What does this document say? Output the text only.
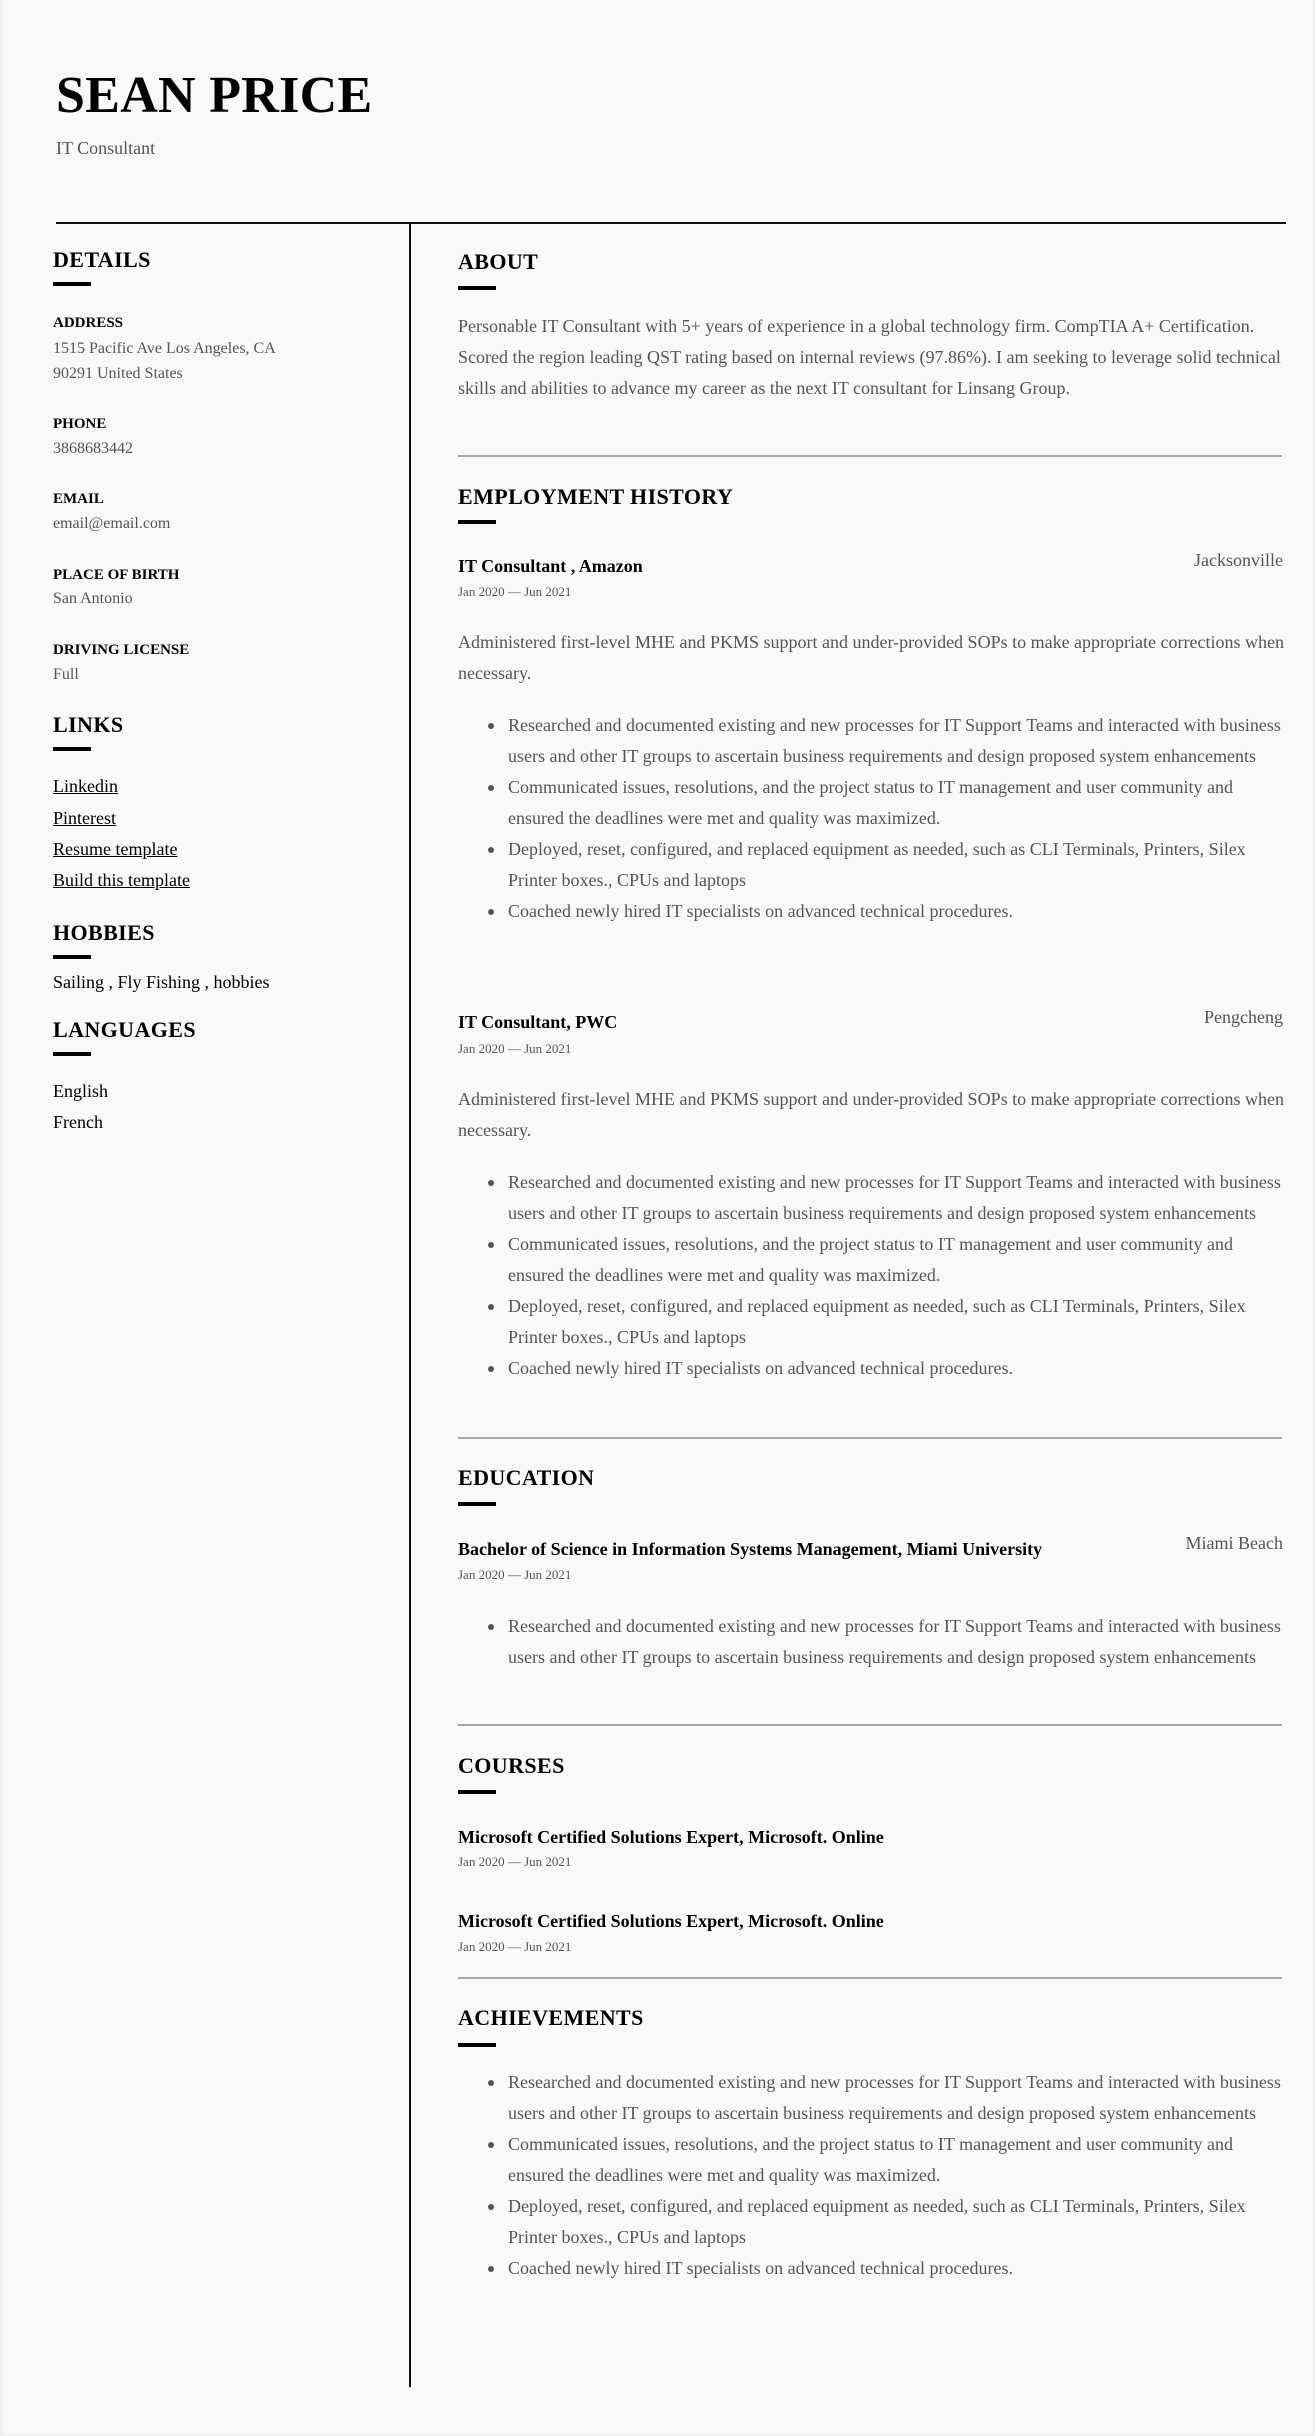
SEAN PRICE
IT Consultant
DETAILS
ADDRESS
1515 Pacific Ave Los Angeles, CA
90291 United States
PHONE
3868683442
EMAIL
email@email.com
PLACE OF BIRTH
San Antonio
DRIVING LICENSE
Full
LINKS
Linkedin
Pinterest
Resume template
Build this template
HOBBIES
Sailing , Fly Fishing , hobbies
LANGUAGES
English
French
ABOUT
Personable IT Consultant with 5+ years of experience in a global technology firm. CompTIA A+ Certification. Scored the region leading QST rating based on internal reviews (97.86%). I am seeking to leverage solid technical skills and abilities to advance my career as the next IT consultant for Linsang Group.
EMPLOYMENT HISTORY
IT Consultant , Amazon	Jacksonville
Jan 2020 — Jun 2021
Administered first-level MHE and PKMS support and under-provided SOPs to make appropriate corrections when necessary.
Researched and documented existing and new processes for IT Support Teams and interacted with business users and other IT groups to ascertain business requirements and design proposed system enhancements
Communicated issues, resolutions, and the project status to IT management and user community and ensured the deadlines were met and quality was maximized.
Deployed, reset, configured, and replaced equipment as needed, such as CLI Terminals, Printers, Silex Printer boxes., CPUs and laptops
Coached newly hired IT specialists on advanced technical procedures.
IT Consultant, PWC	Pengcheng
Jan 2020 — Jun 2021
Administered first-level MHE and PKMS support and under-provided SOPs to make appropriate corrections when necessary.
Researched and documented existing and new processes for IT Support Teams and interacted with business users and other IT groups to ascertain business requirements and design proposed system enhancements
Communicated issues, resolutions, and the project status to IT management and user community and ensured the deadlines were met and quality was maximized.
Deployed, reset, configured, and replaced equipment as needed, such as CLI Terminals, Printers, Silex Printer boxes., CPUs and laptops
Coached newly hired IT specialists on advanced technical procedures.
EDUCATION
Bachelor of Science in Information Systems Management, Miami University	Miami Beach
Jan 2020 — Jun 2021
Researched and documented existing and new processes for IT Support Teams and interacted with business users and other IT groups to ascertain business requirements and design proposed system enhancements
COURSES
Microsoft Certified Solutions Expert, Microsoft. Online
Jan 2020 — Jun 2021
Microsoft Certified Solutions Expert, Microsoft. Online
Jan 2020 — Jun 2021
ACHIEVEMENTS
Researched and documented existing and new processes for IT Support Teams and interacted with business users and other IT groups to ascertain business requirements and design proposed system enhancements
Communicated issues, resolutions, and the project status to IT management and user community and ensured the deadlines were met and quality was maximized.
Deployed, reset, configured, and replaced equipment as needed, such as CLI Terminals, Printers, Silex Printer boxes., CPUs and laptops
Coached newly hired IT specialists on advanced technical procedures.
